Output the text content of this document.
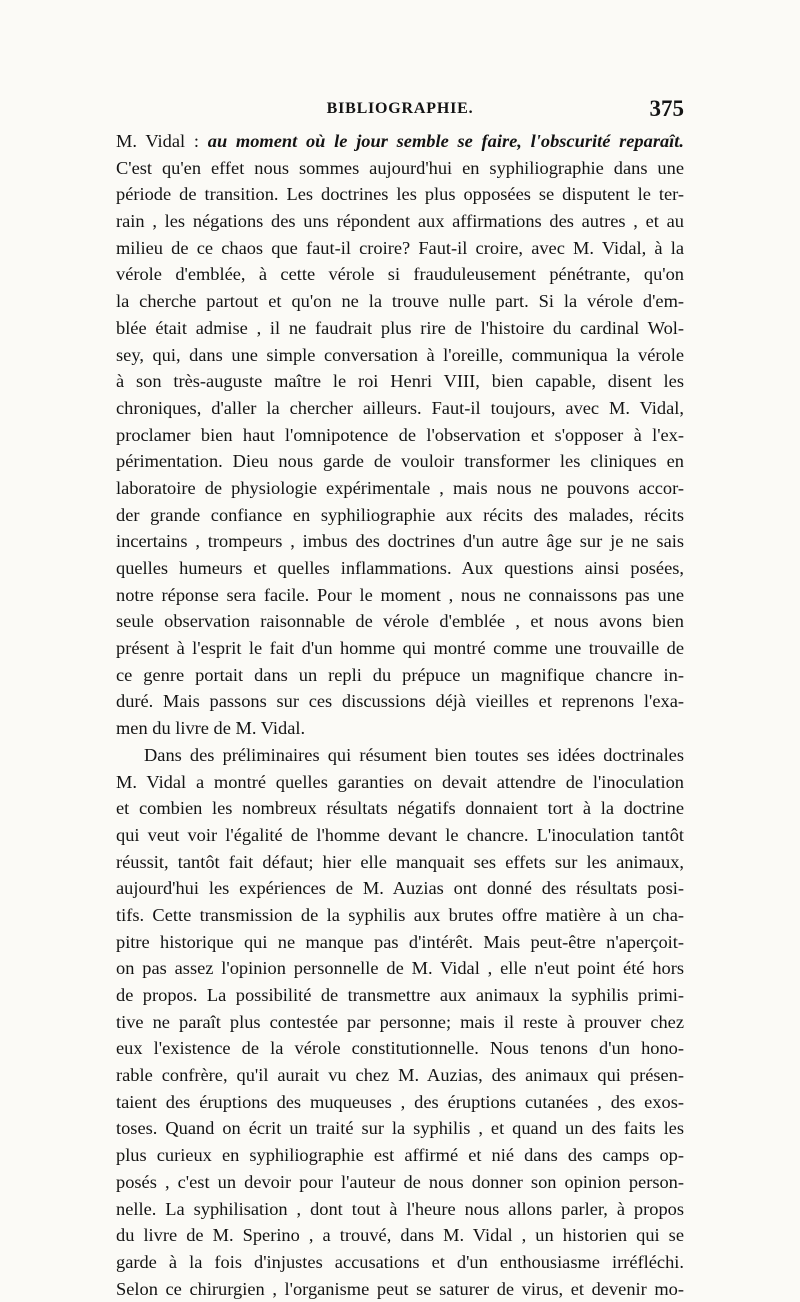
BIBLIOGRAPHIE.	375
M. Vidal : au moment où le jour semble se faire, l'obscurité reparaît.
C'est qu'en effet nous sommes aujourd'hui en syphiliographie dans une
période de transition. Les doctrines les plus opposées se disputent le ter-
rain , les négations des uns répondent aux affirmations des autres , et au
milieu de ce chaos que faut-il croire? Faut-il croire, avec M. Vidal, à la
vérole d'emblée, à cette vérole si frauduleusement pénétrante, qu'on
la cherche partout et qu'on ne la trouve nulle part. Si la vérole d'em-
blée était admise , il ne faudrait plus rire de l'histoire du cardinal Wol-
sey, qui, dans une simple conversation à l'oreille, communiqua la vérole
à son très-auguste maître le roi Henri VIII, bien capable, disent les
chroniques, d'aller la chercher ailleurs. Faut-il toujours, avec M. Vidal,
proclamer bien haut l'omnipotence de l'observation et s'opposer à l'ex-
périmentation. Dieu nous garde de vouloir transformer les cliniques en
laboratoire de physiologie expérimentale , mais nous ne pouvons accor-
der grande confiance en syphiliographie aux récits des malades, récits
incertains , trompeurs , imbus des doctrines d'un autre âge sur je ne sais
quelles humeurs et quelles inflammations. Aux questions ainsi posées,
notre réponse sera facile. Pour le moment , nous ne connaissons pas une
seule observation raisonnable de vérole d'emblée , et nous avons bien
présent à l'esprit le fait d'un homme qui montré comme une trouvaille de
ce genre portait dans un repli du prépuce un magnifique chancre in-
duré. Mais passons sur ces discussions déjà vieilles et reprenons l'exa-
men du livre de M. Vidal.
Dans des préliminaires qui résument bien toutes ses idées doctrinales
M. Vidal a montré quelles garanties on devait attendre de l'inoculation
et combien les nombreux résultats négatifs donnaient tort à la doctrine
qui veut voir l'égalité de l'homme devant le chancre. L'inoculation tantôt
réussit, tantôt fait défaut; hier elle manquait ses effets sur les animaux,
aujourd'hui les expériences de M. Auzias ont donné des résultats posi-
tifs. Cette transmission de la syphilis aux brutes offre matière à un cha-
pitre historique qui ne manque pas d'intérêt. Mais peut-être n'aperçoit-
on pas assez l'opinion personnelle de M. Vidal , elle n'eut point été hors
de propos. La possibilité de transmettre aux animaux la syphilis primi-
tive ne paraît plus contestée par personne; mais il reste à prouver chez
eux l'existence de la vérole constitutionnelle. Nous tenons d'un hono-
rable confrère, qu'il aurait vu chez M. Auzias, des animaux qui présen-
taient des éruptions des muqueuses , des éruptions cutanées , des exos-
toses. Quand on écrit un traité sur la syphilis , et quand un des faits les
plus curieux en syphiliographie est affirmé et nié dans des camps op-
posés , c'est un devoir pour l'auteur de nous donner son opinion person-
nelle. La syphilisation , dont tout à l'heure nous allons parler, à propos
du livre de M. Sperino , a trouvé, dans M. Vidal , un historien qui se
garde à la fois d'injustes accusations et d'un enthousiasme irréfléchi.
Selon ce chirurgien , l'organisme peut se saturer de virus, et devenir mo-
